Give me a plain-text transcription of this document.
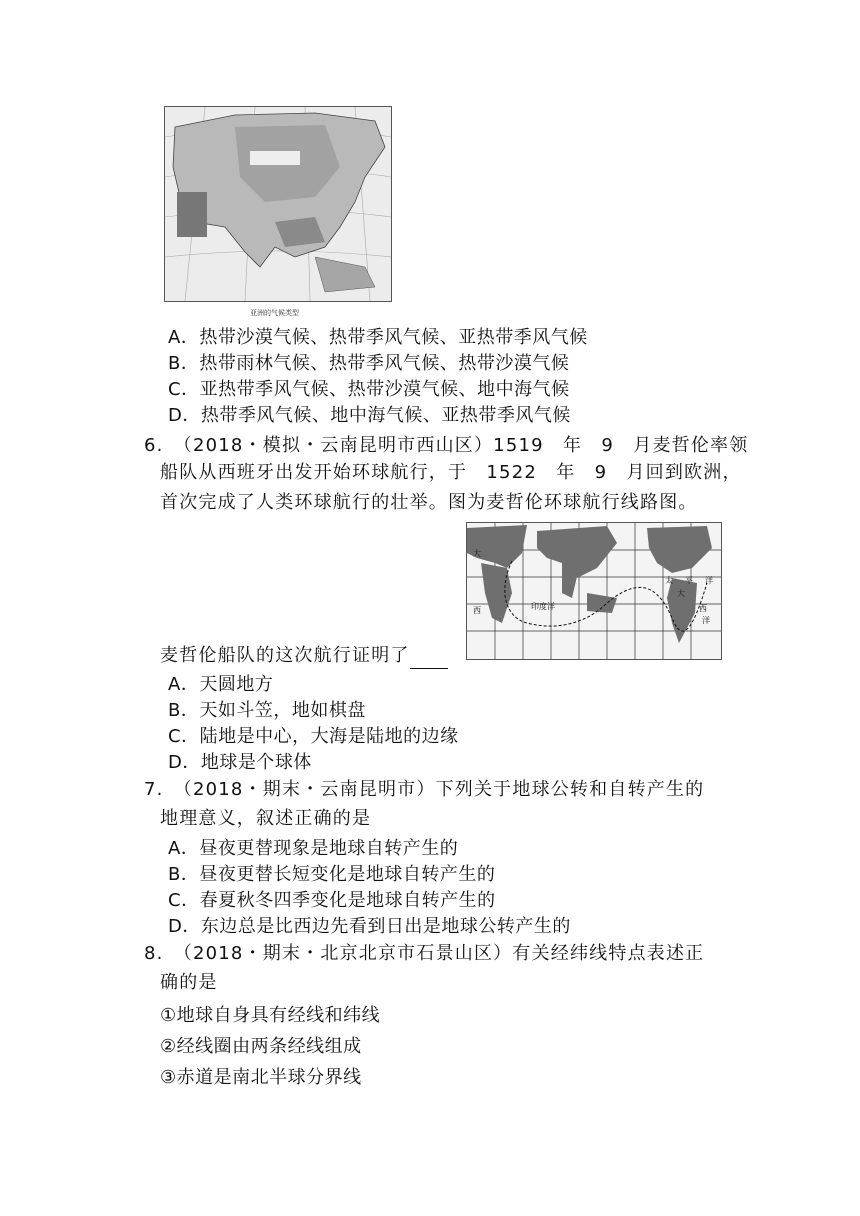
亚洲的气候类型
A．热带沙漠气候、热带季风气候、亚热带季风气候
B．热带雨林气候、热带季风气候、热带沙漠气候
C．亚热带季风气候、热带沙漠气候、地中海气候
D．热带季风气候、地中海气候、亚热带季风气候
6.　（2018・模拟・云南昆明市西山区）1519　年　9　月麦哲伦率领
船队从西班牙出发开始环球航行，于　1522　年　9　月回到欧洲，
首次完成了人类环球航行的壮举。图为麦哲伦环球航行线路图。
大
太 平 洋
大
西	印度洋	西
洋
麦哲伦船队的这次航行证明了
A．天圆地方
B．天如斗笠，地如棋盘
C．陆地是中心，大海是陆地的边缘
D．地球是个球体
7.　（2018・期末・云南昆明市）下列关于地球公转和自转产生的
地理意义，叙述正确的是
A．昼夜更替现象是地球自转产生的
B．昼夜更替长短变化是地球自转产生的
C．春夏秋冬四季变化是地球自转产生的
D．东边总是比西边先看到日出是地球公转产生的
8.　（2018・期末・北京北京市石景山区）有关经纬线特点表述正
确的是
①地球自身具有经线和纬线
②经线圈由两条经线组成
③赤道是南北半球分界线
